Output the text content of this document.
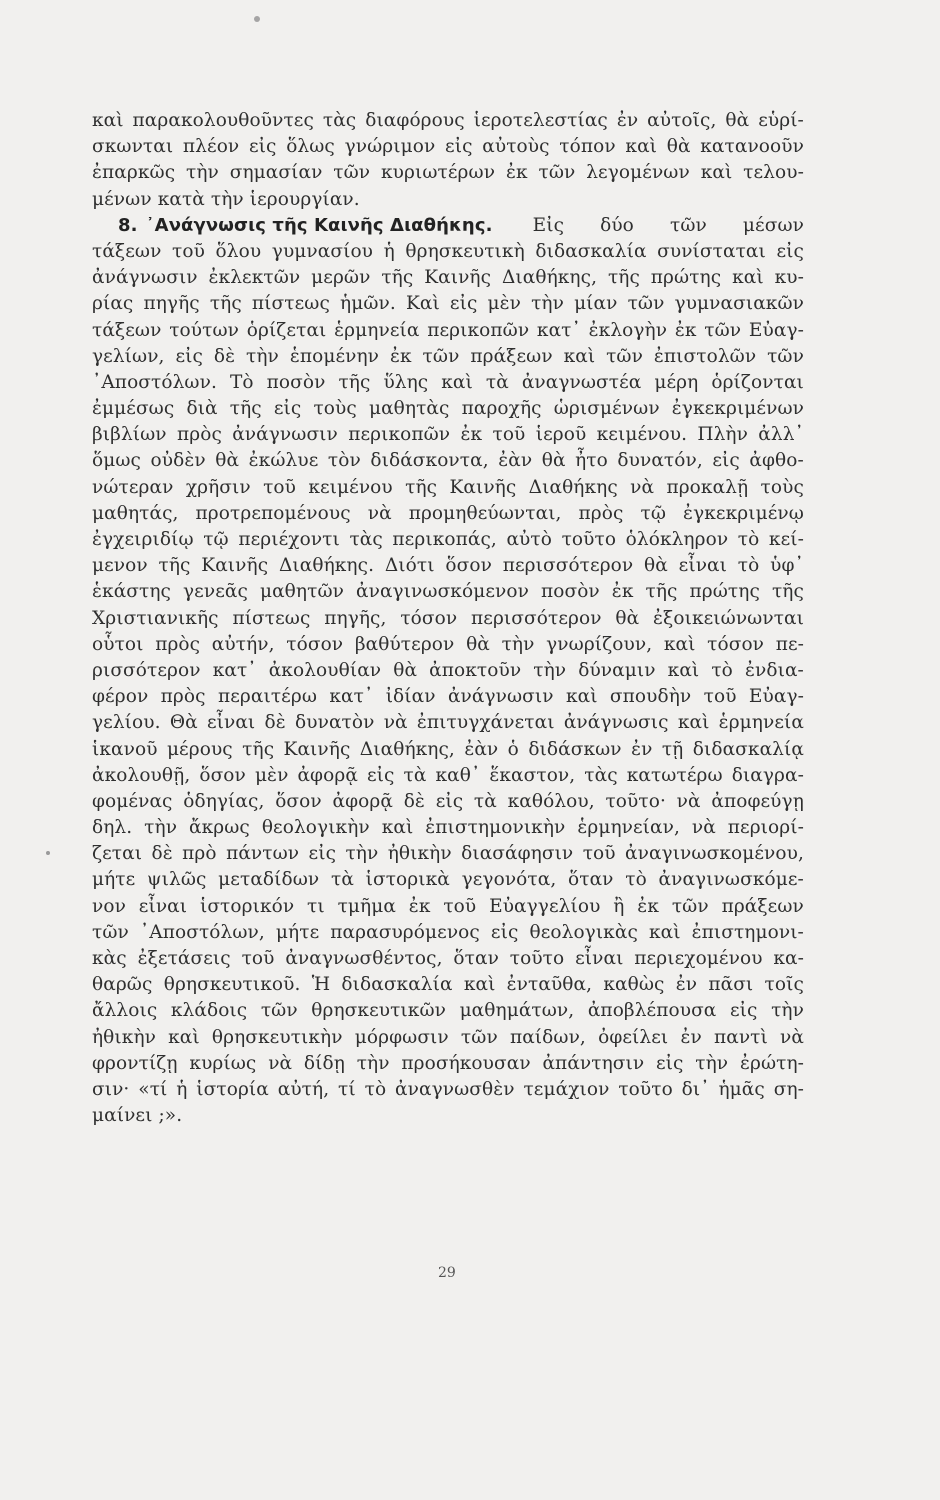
καὶ παρακολουθοῦντες τὰς διαφόρους ἱεροτελεστίας ἐν αὐτοῖς, θὰ εὑρί-
σκωνται πλέον εἰς ὅλως γνώριμον εἰς αὐτοὺς τόπον καὶ θὰ κατανοοῦν
ἐπαρκῶς τὴν σημασίαν τῶν κυριωτέρων ἐκ τῶν λεγομένων καὶ τελου-
μένων κατὰ τὴν ἱερουργίαν.
8. ᾿Ανάγνωσις τῆς Καινῆς Διαθήκης. Εἰς δύο τῶν μέσων
τάξεων τοῦ ὅλου γυμνασίου ἡ θρησκευτικὴ διδασκαλία συνίσταται εἰς
ἀνάγνωσιν ἐκλεκτῶν μερῶν τῆς Καινῆς Διαθήκης, τῆς πρώτης καὶ κυ-
ρίας πηγῆς τῆς πίστεως ἡμῶν. Καὶ εἰς μὲν τὴν μίαν τῶν γυμνασιακῶν
τάξεων τούτων ὁρίζεται ἑρμηνεία περικοπῶν κατ᾿ ἐκλογὴν ἐκ τῶν Εὐαγ-
γελίων, εἰς δὲ τὴν ἑπομένην ἐκ τῶν πράξεων καὶ τῶν ἐπιστολῶν τῶν
᾿Αποστόλων. Τὸ ποσὸν τῆς ὕλης καὶ τὰ ἀναγνωστέα μέρη ὁρίζονται
ἐμμέσως διὰ τῆς εἰς τοὺς μαθητὰς παροχῆς ὡρισμένων ἐγκεκριμένων
βιβλίων πρὸς ἀνάγνωσιν περικοπῶν ἐκ τοῦ ἱεροῦ κειμένου. Πλὴν ἀλλ᾿
ὅμως οὐδὲν θὰ ἐκώλυε τὸν διδάσκοντα, ἐὰν θὰ ἦτο δυνατόν, εἰς ἀφθο-
νώτεραν χρῆσιν τοῦ κειμένου τῆς Καινῆς Διαθήκης νὰ προκαλῇ τοὺς
μαθητάς, προτρεπομένους νὰ προμηθεύωνται, πρὸς τῷ ἐγκεκριμένῳ
ἐγχειριδίῳ τῷ περιέχοντι τὰς περικοπάς, αὐτὸ τοῦτο ὁλόκληρον τὸ κεί-
μενον τῆς Καινῆς Διαθήκης. Διότι ὅσον περισσότερον θὰ εἶναι τὸ ὑφ᾿
ἑκάστης γενεᾶς μαθητῶν ἀναγινωσκόμενον ποσὸν ἐκ τῆς πρώτης τῆς
Χριστιανικῆς πίστεως πηγῆς, τόσον περισσότερον θὰ ἐξοικειώνωνται
οὗτοι πρὸς αὐτήν, τόσον βαθύτερον θὰ τὴν γνωρίζουν, καὶ τόσον πε-
ρισσότερον κατ᾿ ἀκολουθίαν θὰ ἀποκτοῦν τὴν δύναμιν καὶ τὸ ἐνδια-
φέρον πρὸς περαιτέρω κατ᾿ ἰδίαν ἀνάγνωσιν καὶ σπουδὴν τοῦ Εὐαγ-
γελίου. Θὰ εἶναι δὲ δυνατὸν νὰ ἐπιτυγχάνεται ἀνάγνωσις καὶ ἑρμηνεία
ἱκανοῦ μέρους τῆς Καινῆς Διαθήκης, ἐὰν ὁ διδάσκων ἐν τῇ διδασκαλίᾳ
ἀκολουθῇ, ὅσον μὲν ἀφορᾷ εἰς τὰ καθ᾿ ἕκαστον, τὰς κατωτέρω διαγρα-
φομένας ὁδηγίας, ὅσον ἀφορᾷ δὲ εἰς τὰ καθόλου, τοῦτο· νὰ ἀποφεύγῃ
δηλ. τὴν ἄκρως θεολογικὴν καὶ ἐπιστημονικὴν ἑρμηνείαν, νὰ περιορί-
ζεται δὲ πρὸ πάντων εἰς τὴν ἠθικὴν διασάφησιν τοῦ ἀναγινωσκομένου,
μήτε ψιλῶς μεταδίδων τὰ ἱστορικὰ γεγονότα, ὅταν τὸ ἀναγινωσκόμε-
νον εἶναι ἱστορικόν τι τμῆμα ἐκ τοῦ Εὐαγγελίου ἢ ἐκ τῶν πράξεων
τῶν ᾿Αποστόλων, μήτε παρασυρόμενος εἰς θεολογικὰς καὶ ἐπιστημονι-
κὰς ἐξετάσεις τοῦ ἀναγνωσθέντος, ὅταν τοῦτο εἶναι περιεχομένου κα-
θαρῶς θρησκευτικοῦ. Ἡ διδασκαλία καὶ ἐνταῦθα, καθὼς ἐν πᾶσι τοῖς
ἄλλοις κλάδοις τῶν θρησκευτικῶν μαθημάτων, ἀποβλέπουσα εἰς τὴν
ἠθικὴν καὶ θρησκευτικὴν μόρφωσιν τῶν παίδων, ὀφείλει ἐν παντὶ νὰ
φροντίζῃ κυρίως νὰ δίδῃ τὴν προσήκουσαν ἀπάντησιν εἰς τὴν ἐρώτη-
σιν· «τί ἡ ἱστορία αὐτή, τί τὸ ἀναγνωσθὲν τεμάχιον τοῦτο δι᾿ ἡμᾶς ση-
μαίνει ;».
29
